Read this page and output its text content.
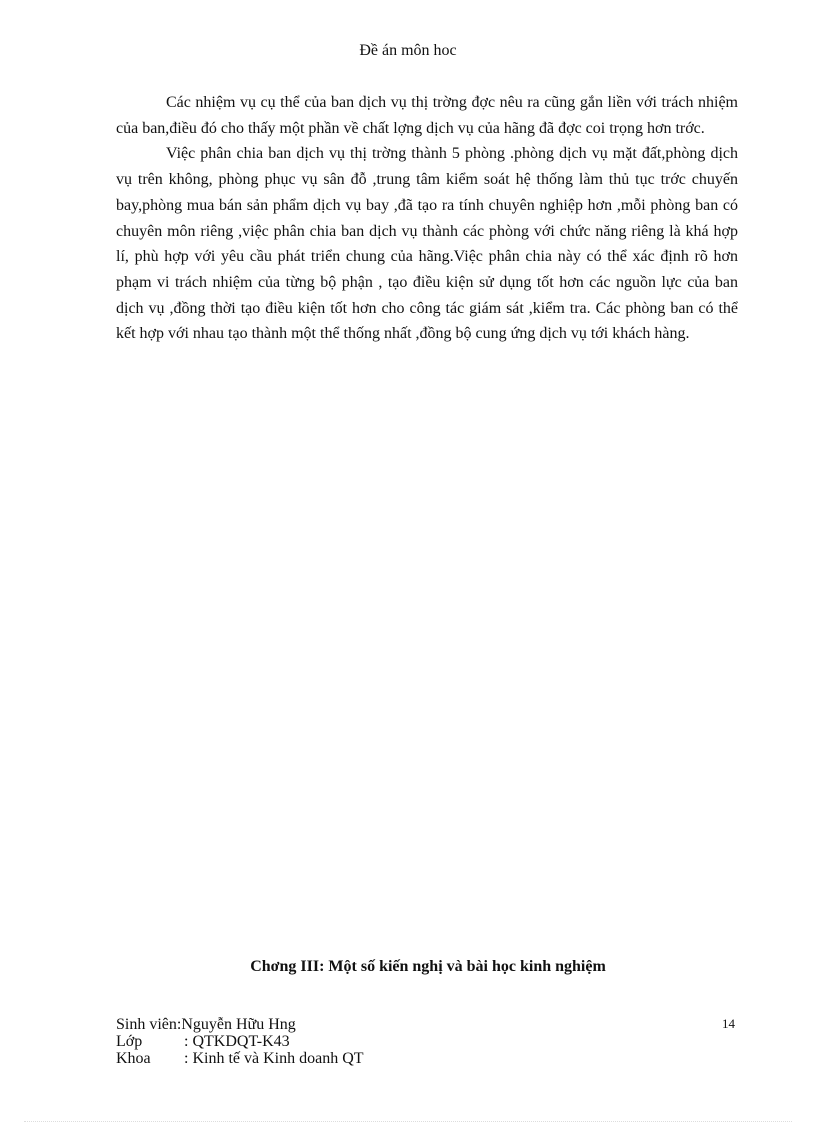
Đề án môn hoc

Các nhiệm vụ cụ thể của ban dịch vụ thị trờng đợc nêu ra cũng gắn liền với trách nhiệm của ban,điều đó cho thấy một phần về chất lợng dịch vụ của hãng đã đợc coi trọng hơn trớc.

Việc phân chia ban dịch vụ thị trờng thành 5 phòng .phòng dịch vụ mặt đất,phòng dịch vụ trên không, phòng phục vụ sân đỗ ,trung tâm kiểm soát hệ thống làm thủ tục trớc chuyến bay,phòng mua bán sản phẩm dịch vụ bay ,đã tạo ra tính chuyên nghiệp hơn ,mỗi phòng ban có chuyên môn riêng ,việc phân chia ban dịch vụ thành các phòng với chức năng riêng là khá hợp lí, phù hợp với yêu cầu phát triển chung của hãng.Việc phân chia này có thể xác định rõ hơn phạm vi trách nhiệm của từng bộ phận , tạo điều kiện sử dụng tốt hơn các nguồn lực của ban dịch vụ ,đồng thời tạo điều kiện tốt hơn cho công tác giám sát ,kiểm tra. Các phòng ban có thể kết hợp với nhau tạo thành một thể thống nhất ,đồng bộ cung ứng dịch vụ tới khách hàng.

Chơng III: Một số kiến nghị và bài học kinh nghiệm
Sinh viên: Nguyễn Hữu Hng
Lớp	: QTKDQT-K43
Khoa	: Kinh tế và Kinh doanh QT
14
